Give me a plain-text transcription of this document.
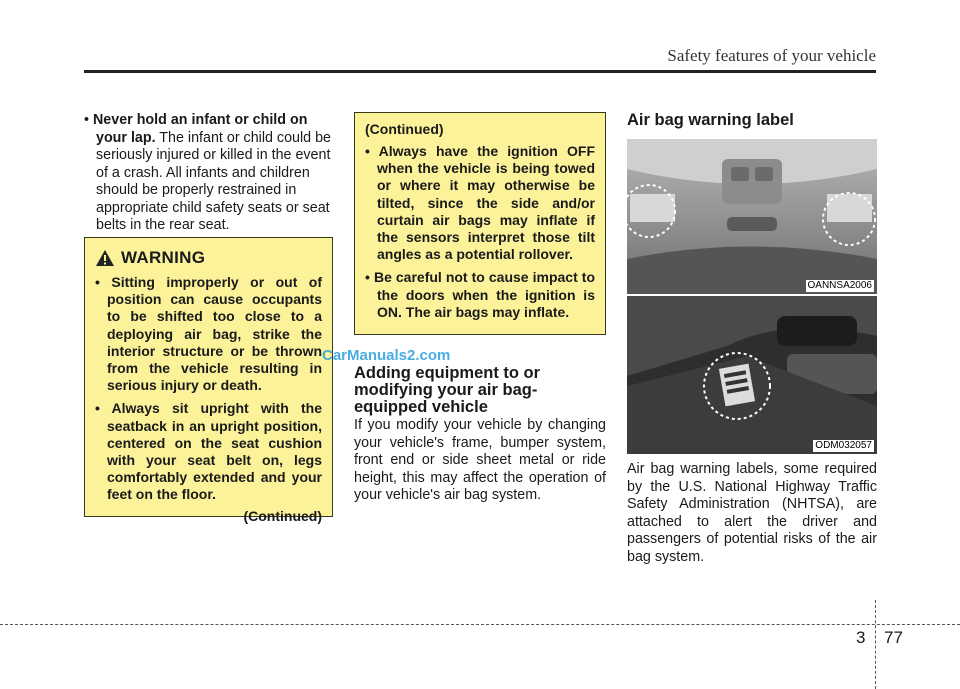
Safety features of your vehicle

• Never hold an infant or child on your lap. The infant or child could be seriously injured or killed in the event of a crash. All infants and children should be properly restrained in appropriate child safety seats or seat belts in the rear seat.

WARNING
• Sitting improperly or out of position can cause occupants to be shifted too close to a deploying air bag, strike the interior structure or be thrown from the vehicle resulting in serious injury or death.
• Always sit upright with the seatback in an upright position, centered on the seat cushion with your seat belt on, legs comfortably extended and your feet on the floor.
(Continued)
(Continued)
• Always have the ignition OFF when the vehicle is being towed or where it may otherwise be tilted, since the side and/or curtain air bags may inflate if the sensors interpret those tilt angles as a potential rollover.
• Be careful not to cause impact to the doors when the ignition is ON. The air bags may inflate.
CarManuals2.com
Adding equipment to or modifying your air bag-equipped vehicle

If you modify your vehicle by changing your vehicle's frame, bumper system, front end or side sheet metal or ride height, this may affect the operation of your vehicle's air bag system.

Air bag warning label
OANNSA2006
ODM032057

Air bag warning labels, some required by the U.S. National Highway Traffic Safety Administration (NHTSA), are attached to alert the driver and passengers of potential risks of the air bag system.

3 77
